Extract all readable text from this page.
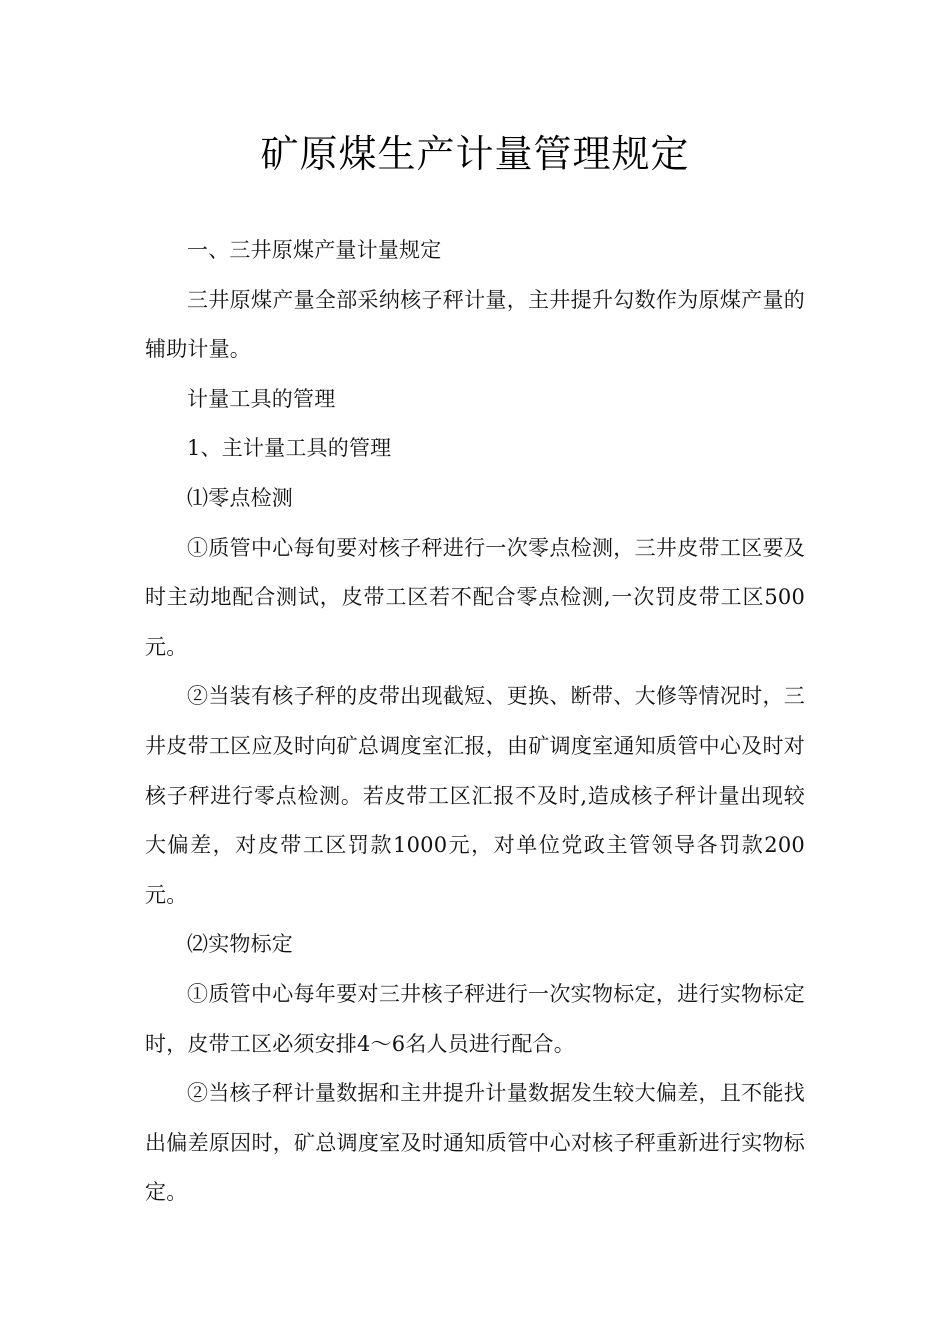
矿原煤生产计量管理规定

一、三井原煤产量计量规定

三井原煤产量全部采纳核子秤计量，主井提升勾数作为原煤产量的辅助计量。

计量工具的管理

1、主计量工具的管理

⑴零点检测

①质管中心每旬要对核子秤进行一次零点检测，三井皮带工区要及时主动地配合测试，皮带工区若不配合零点检测,一次罚皮带工区500元。

②当装有核子秤的皮带出现截短、更换、断带、大修等情况时，三井皮带工区应及时向矿总调度室汇报，由矿调度室通知质管中心及时对核子秤进行零点检测。若皮带工区汇报不及时,造成核子秤计量出现较大偏差，对皮带工区罚款1000元，对单位党政主管领导各罚款200元。

⑵实物标定

①质管中心每年要对三井核子秤进行一次实物标定，进行实物标定时，皮带工区必须安排4～6名人员进行配合。

②当核子秤计量数据和主井提升计量数据发生较大偏差，且不能找出偏差原因时，矿总调度室及时通知质管中心对核子秤重新进行实物标定。
